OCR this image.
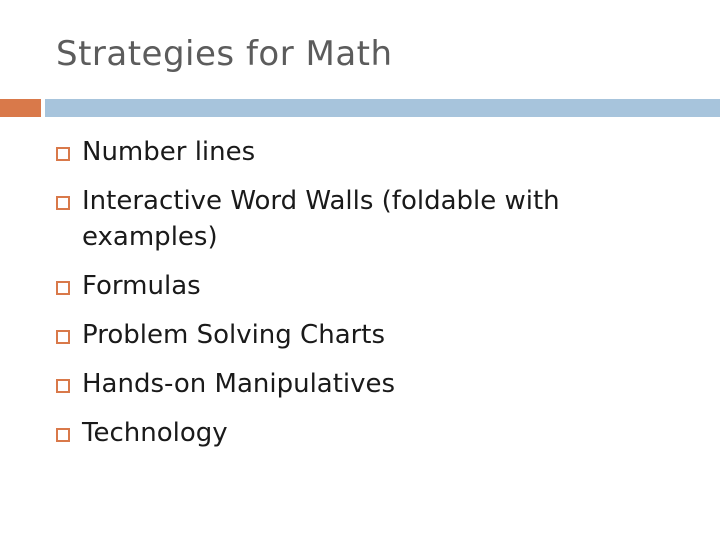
Strategies for Math
Number lines
Interactive Word Walls (foldable with examples)
Formulas
Problem Solving Charts
Hands-on Manipulatives
Technology
